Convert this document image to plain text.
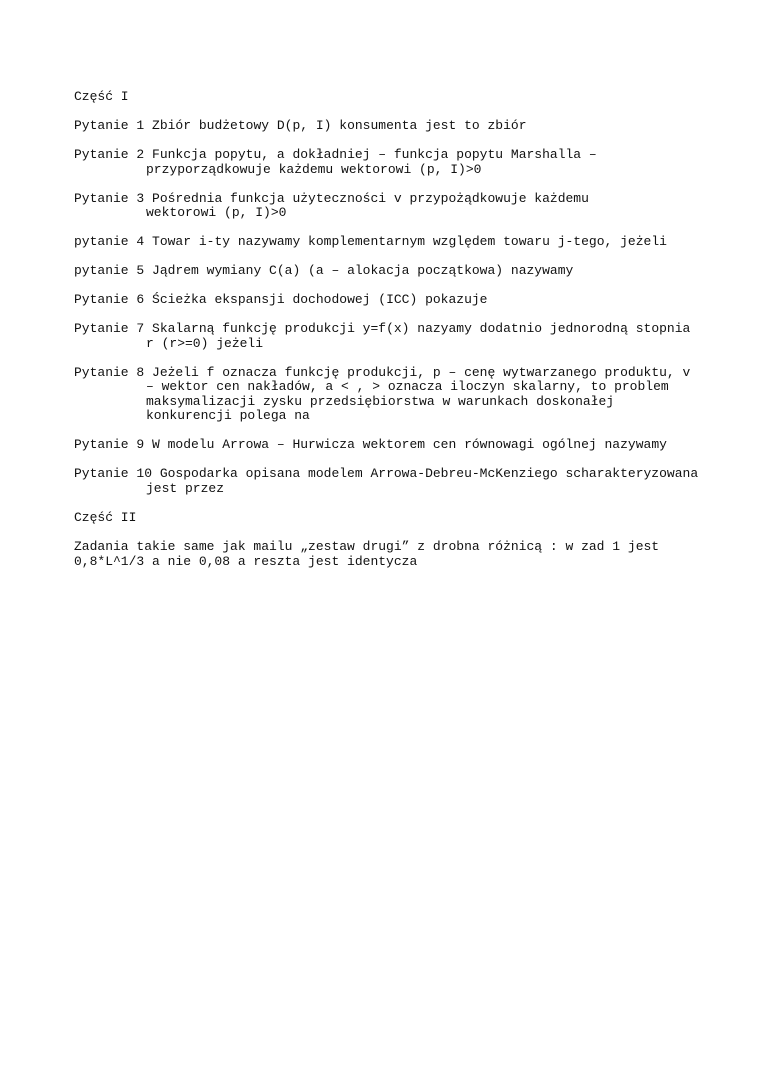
Część I
Pytanie 1
Zbiór budżetowy D(p, I) konsumenta jest to zbiór
Pytanie 2
Funkcja popytu, a dokładniej – funkcja popytu Marshalla –
przyporządkowuje każdemu wektorowi (p, I)>0
Pytanie 3
Pośrednia funkcja użyteczności v przypożądkowuje każdemu
wektorowi (p, I)>0
pytanie 4
Towar i-ty nazywamy komplementarnym względem towaru j-tego, jeżeli
pytanie 5
Jądrem wymiany C(a) (a – alokacja początkowa) nazywamy
Pytanie 6
Ścieżka ekspansji dochodowej (ICC) pokazuje
Pytanie 7
Skalarną funkcję produkcji y=f(x) nazyamy dodatnio jednorodną stopnia
r (r>=0) jeżeli
Pytanie 8
Jeżeli f oznacza funkcję produkcji, p – cenę wytwarzanego produktu, v
– wektor cen nakładów, a < , > oznacza iloczyn skalarny, to problem
maksymalizacji zysku przedsiębiorstwa w warunkach doskonałej
konkurencji polega na
Pytanie 9
W modelu Arrowa – Hurwicza wektorem cen równowagi ogólnej nazywamy
Pytanie 10
Gospodarka opisana modelem Arrowa-Debreu-McKenziego scharakteryzowana
jest przez
Część II
Zadania takie same jak mailu „zestaw drugi” z drobna różnicą : w zad 1 jest
0,8*L^1/3 a nie 0,08 a reszta jest identycza
